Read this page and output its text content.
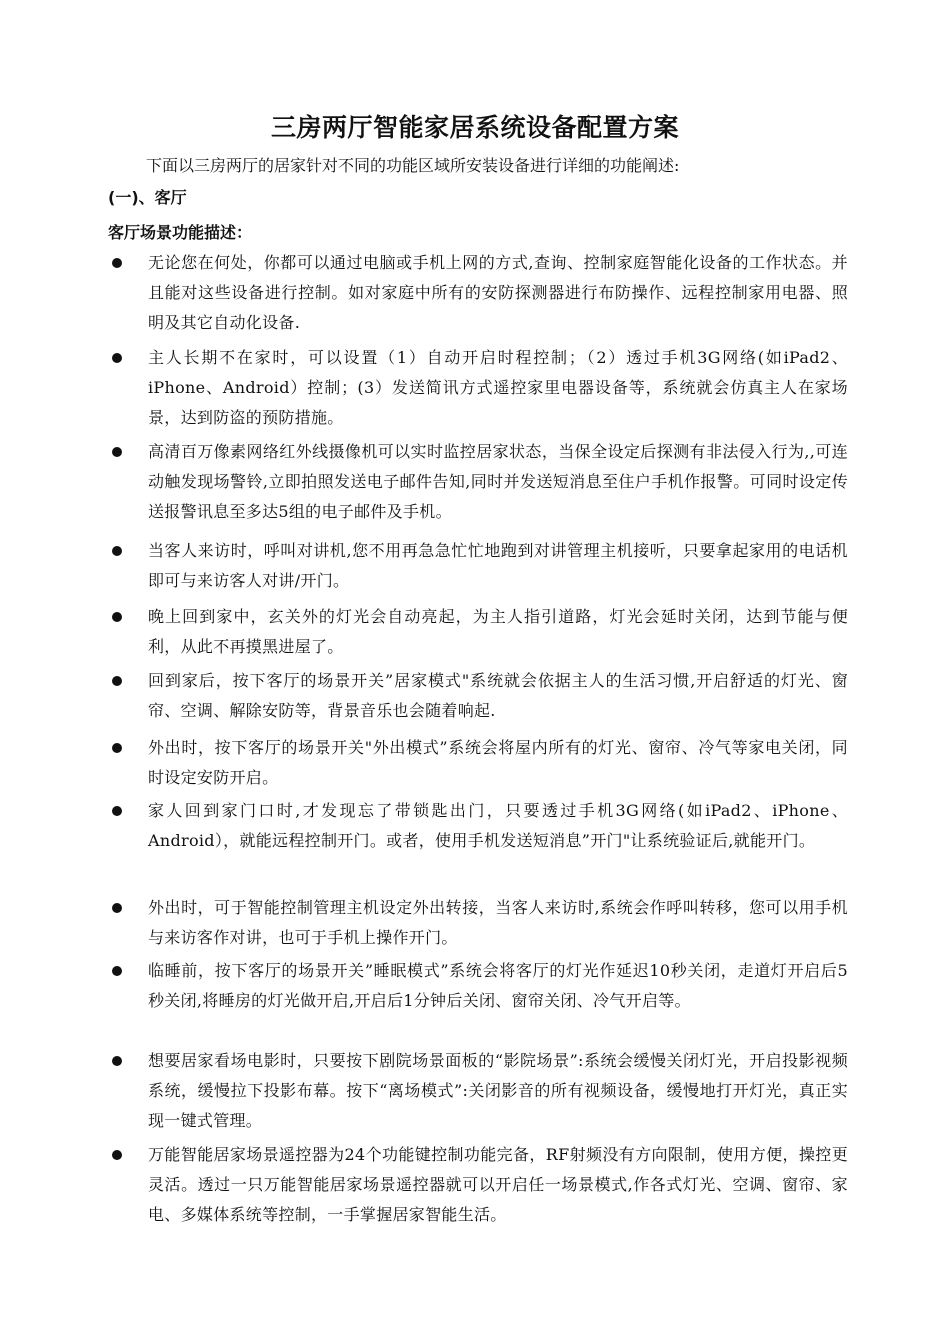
三房两厅智能家居系统设备配置方案
下面以三房两厅的居家针对不同的功能区域所安装设备进行详细的功能阐述:
(一)、客厅
客厅场景功能描述：
无论您在何处，你都可以通过电脑或手机上网的方式,查询、控制家庭智能化设备的工作状态。并且能对这些设备进行控制。如对家庭中所有的安防探测器进行布防操作、远程控制家用电器、照明及其它自动化设备.
主人长期不在家时，可以设置（1）自动开启时程控制；（2）透过手机3G网络(如iPad2、iPhone、Android）控制；(3）发送简讯方式遥控家里电器设备等，系统就会仿真主人在家场景，达到防盗的预防措施。
高清百万像素网络红外线摄像机可以实时监控居家状态，当保全设定后探测有非法侵入行为,,可连动触发现场警铃,立即拍照发送电子邮件告知,同时并发送短消息至住户手机作报警。可同时设定传送报警讯息至多达5组的电子邮件及手机。
当客人来访时，呼叫对讲机,您不用再急急忙忙地跑到对讲管理主机接听，只要拿起家用的电话机即可与来访客人对讲/开门。
晚上回到家中，玄关外的灯光会自动亮起，为主人指引道路，灯光会延时关闭，达到节能与便利，从此不再摸黑进屋了。
回到家后，按下客厅的场景开关”居家模式"系统就会依据主人的生活习惯,开启舒适的灯光、窗帘、空调、解除安防等，背景音乐也会随着响起.
外出时，按下客厅的场景开关"外出模式”系统会将屋内所有的灯光、窗帘、冷气等家电关闭，同时设定安防开启。
家人回到家门口时,才发现忘了带锁匙出门，只要透过手机3G网络(如iPad2、iPhone、Android），就能远程控制开门。或者，使用手机发送短消息”开门"让系统验证后,就能开门。
外出时，可于智能控制管理主机设定外出转接，当客人来访时,系统会作呼叫转移，您可以用手机与来访客作对讲，也可于手机上操作开门。
临睡前，按下客厅的场景开关”睡眠模式”系统会将客厅的灯光作延迟10秒关闭，走道灯开启后5秒关闭,将睡房的灯光做开启,开启后1分钟后关闭、窗帘关闭、冷气开启等。
想要居家看场电影时，只要按下剧院场景面板的“影院场景”:系统会缓慢关闭灯光，开启投影视频系统，缓慢拉下投影布幕。按下“离场模式”:关闭影音的所有视频设备，缓慢地打开灯光，真正实现一键式管理。
万能智能居家场景遥控器为24个功能键控制功能完备，RF射频没有方向限制，使用方便，操控更灵活。透过一只万能智能居家场景遥控器就可以开启任一场景模式,作各式灯光、空调、窗帘、家电、多媒体系统等控制，一手掌握居家智能生活。
